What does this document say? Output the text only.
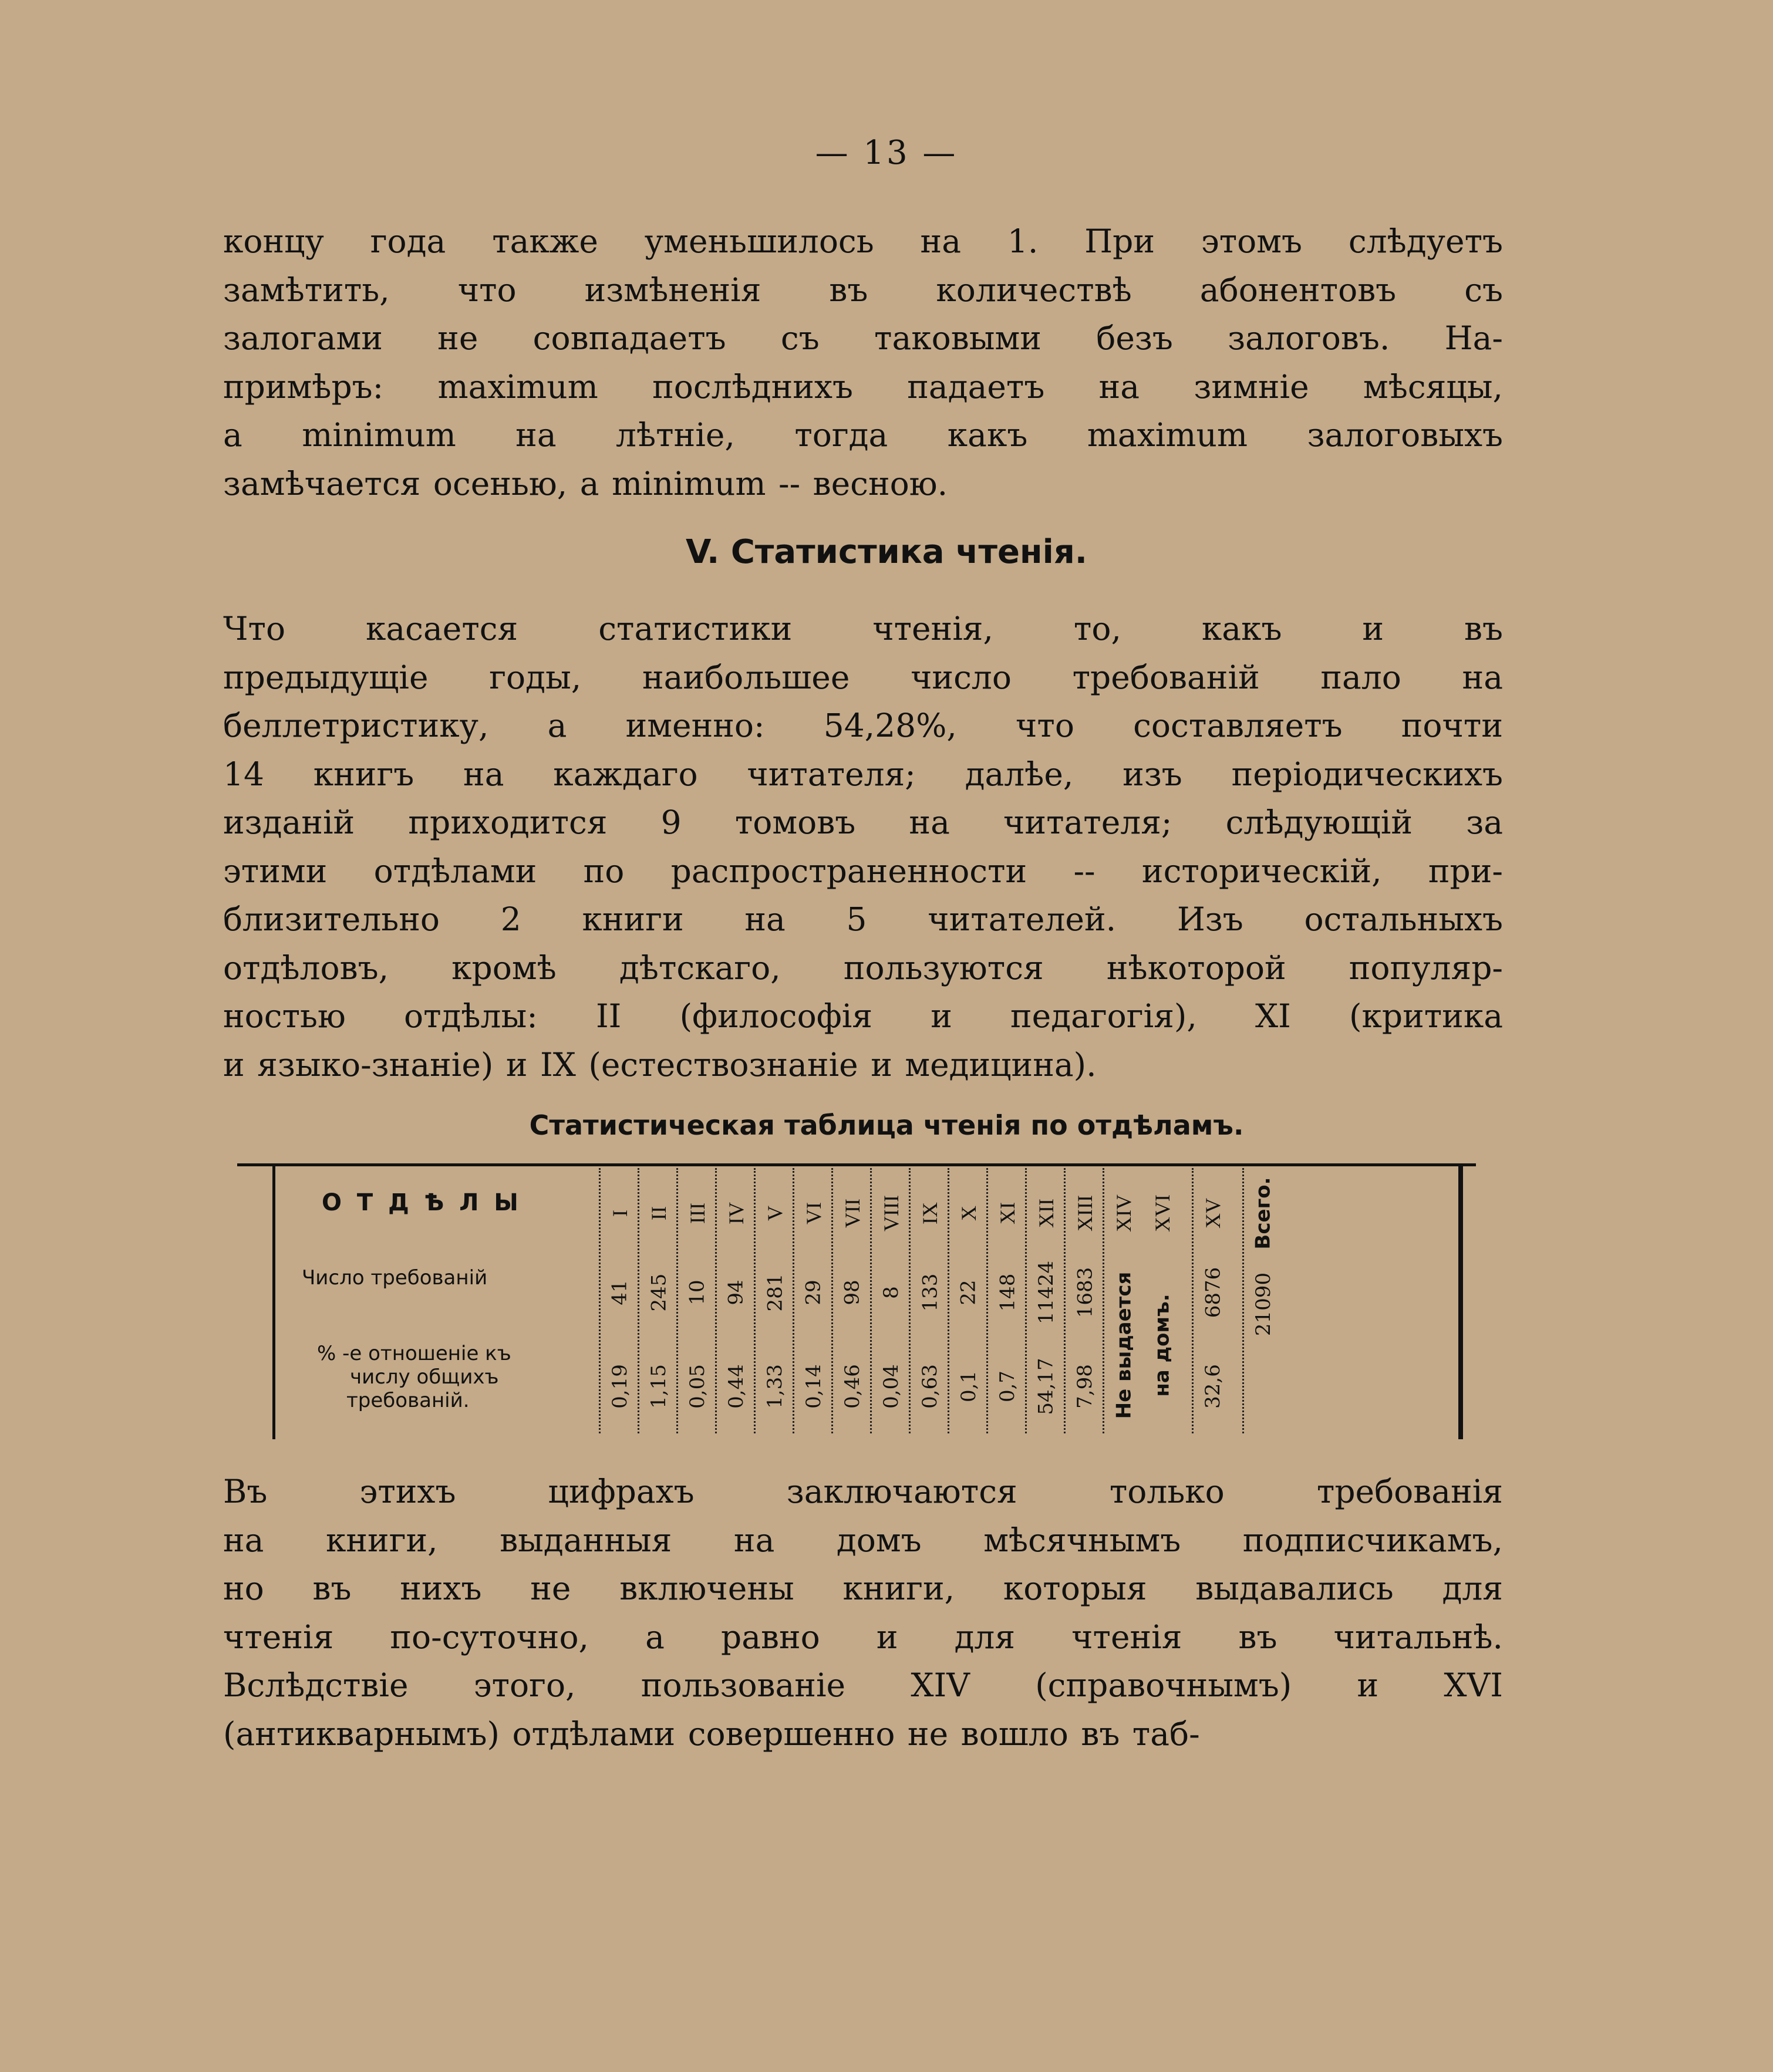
— 13 —
концу года также уменьшилось на 1. При этомъ слѣдуетъ
замѣтить, что измѣненія въ количествѣ абонентовъ съ
залогами не совпадаетъ съ таковыми безъ залоговъ. На-
примѣръ: maximum послѣднихъ падаетъ на зимніе мѣсяцы,
а minimum на лѣтніе, тогда какъ maximum залоговыхъ
замѣчается осенью, а minimum -- весною.
V. Статистика чтенія.
Что касается статистики чтенія, то, какъ и въ
предыдущіе годы, наибольшее число требованій пало на
беллетристику, а именно: 54,28%, что составляетъ почти
14 книгъ на каждаго читателя; далѣе, изъ періодическихъ
изданій приходится 9 томовъ на читателя; слѣдующій за
этими отдѣлами по распространенности -- историческій, при-
близительно 2 книги на 5 читателей. Изъ остальныхъ
отдѣловъ, кромѣ дѣтскаго, пользуются нѣкоторой популяр-
ностью отдѣлы: II (философія и педагогія), XI (критика
и языко-знаніе) и IX (естествознаніе и медицина).
Статистическая таблица чтенія по отдѣламъ.
О Т Д Ѣ Л Ы
Число требованій
% -е отношеніе къ
числу общихъ
требованій.
I
41
0,19
II
245
1,15
III
10
0,05
IV
94
0,44
V
281
1,33
VI
29
0,14
VII
98
0,46
VIII
8
0,04
IX
133
0,63
X
22
0,1
XI
148
0,7
XII
11424
54,17
XIII
1683
7,98
XIV
Не выдается
XVI
на домъ.
XV
6876
32,6
Всего.
21090
Въ этихъ цифрахъ заключаются только требованія
на книги, выданныя на домъ мѣсячнымъ подписчикамъ,
но въ нихъ не включены книги, которыя выдавались для
чтенія по-суточно, а равно и для чтенія въ читальнѣ.
Вслѣдствіе этого, пользованіе XIV (справочнымъ) и XVI
(антикварнымъ) отдѣлами совершенно не вошло въ таб-
